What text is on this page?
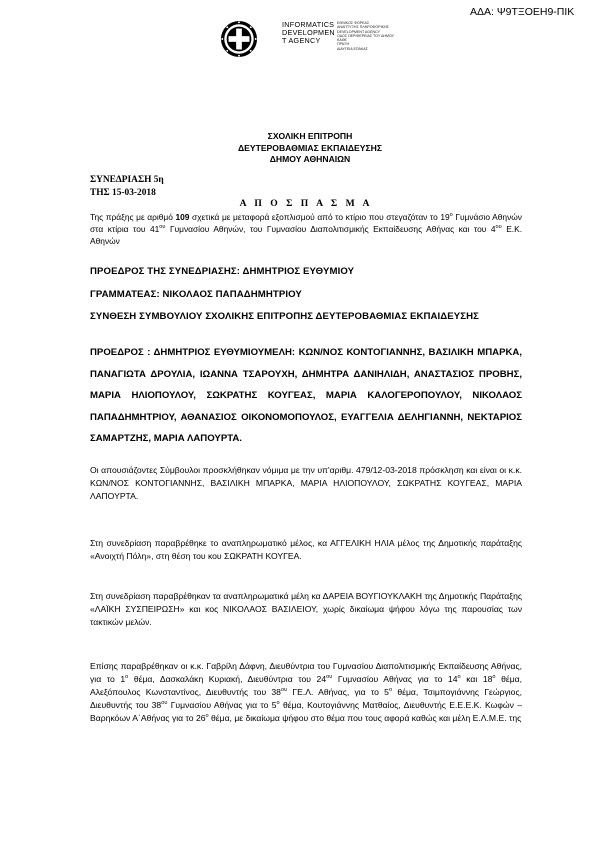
ΑΔΑ: Ψ9ΤΞΟΕΗ9-ΠΙΚ
INFORMATICS
DEVELOPMEN
T AGENCY
ΕΘΝΙΚΟΣ ΦΟΡΕΑΣ
ΑΝΑΠΤΥΞΗΣ ΠΛΗΡΟΦΟΡΙΚΗΣ
DEVELOPMENT AGENCY
ΟΔΟΣ ΠΕΡΙΦΕΡΕΙΑΣ ΤΟΥ ΔΗΜΟΥ
ΚΑΘΕ
ΠΡΑΞΗ
ΔΙΑΥΓΕΙΑ ΕΠΑΚΑΣ
ΣΧΟΛΙΚΗ ΕΠΙΤΡΟΠΗ
ΔΕΥΤΕΡΟΒΑΘΜΙΑΣ ΕΚΠΑΙΔΕΥΣΗΣ
ΔΗΜΟΥ ΑΘΗΝΑΙΩΝ
ΣΥΝΕΔΡΙΑΣΗ 5η
ΤΗΣ 15-03-2018
Α Π Ο Σ Π Α Σ Μ Α
Της πράξης με αριθμό 109 σχετικά με μεταφορά εξοπλισμού από το κτίριο που στεγαζόταν το $19^o$ Γυμνάσιο Αθηνών στα κτίρια του $41^{o\upsilon}$ Γυμνασίου Αθηνών, του Γυμνασίου Διαπολιτισμικής Εκπαίδευσης Αθήνας και του $4^{o\upsilon}$ Ε.Κ. Αθηνών
ΠΡΟΕΔΡΟΣ ΤΗΣ ΣΥΝΕΔΡΙΑΣΗΣ: ΔΗΜΗΤΡΙΟΣ ΕΥΘΥΜΙΟΥ
ΓΡΑΜΜΑΤΕΑΣ: ΝΙΚΟΛΑΟΣ ΠΑΠΑΔΗΜΗΤΡΙΟΥ
ΣΥΝΘΕΣΗ ΣΥΜΒΟΥΛΙΟΥ ΣΧΟΛΙΚΗΣ ΕΠΙΤΡΟΠΗΣ ΔΕΥΤΕΡΟΒΑΘΜΙΑΣ ΕΚΠΑΙΔΕΥΣΗΣ
ΠΡΟΕΔΡΟΣ : ΔΗΜΗΤΡΙΟΣ ΕΥΘΥΜΙΟΥΜΕΛΗ: ΚΩΝ/ΝΟΣ ΚΟΝΤΟΓΙΑΝΝΗΣ, ΒΑΣΙΛΙΚΗ ΜΠΑΡΚΑ, ΠΑΝΑΓΙΩΤΑ ΔΡΟΥΛΙΑ, ΙΩΑΝΝΑ ΤΣΑΡΟΥΧΗ, ΔΗΜΗΤΡΑ ΔΑΝΙΗΛΙΔΗ, ΑΝΑΣΤΑΣΙΟΣ ΠΡΟΒΗΣ, ΜΑΡΙΑ ΗΛΙΟΠΟΥΛΟΥ, ΣΩΚΡΑΤΗΣ ΚΟΥΓΕΑΣ, ΜΑΡΙΑ ΚΑΛΟΓΕΡΟΠΟΥΛΟΥ, ΝΙΚΟΛΑΟΣ ΠΑΠΑΔΗΜΗΤΡΙΟΥ, ΑΘΑΝΑΣΙΟΣ ΟΙΚΟΝΟΜΟΠΟΥΛΟΣ, ΕΥΑΓΓΕΛΙΑ ΔΕΛΗΓΙΑΝΝΗ, ΝΕΚΤΑΡΙΟΣ ΣΑΜΑΡΤΖΗΣ, ΜΑΡΙΑ ΛΑΠΟΥΡΤΑ.
Οι απουσιάζοντες Σύμβουλοι προσκλήθηκαν νόμιμα με την υπ'αριθμ. 479/12-03-2018 πρόσκληση και είναι οι κ.κ. ΚΩΝ/ΝΟΣ ΚΟΝΤΟΓΙΑΝΝΗΣ, ΒΑΣΙΛΙΚΗ ΜΠΑΡΚΑ, ΜΑΡΙΑ ΗΛΙΟΠΟΥΛΟΥ, ΣΩΚΡΑΤΗΣ ΚΟΥΓΕΑΣ, ΜΑΡΙΑ ΛΑΠΟΥΡΤΑ.
Στη συνεδρίαση παραβρέθηκε το αναπληρωματικό μέλος, κα ΑΓΓΕΛΙΚΗ ΗΛΙΑ μέλος της Δημοτικής παράταξης «Ανοιχτή Πόλη», στη θέση του κου ΣΩΚΡΑΤΗ ΚΟΥΓΕΑ.
Στη συνεδρίαση παραβρέθηκαν τα αναπληρωματικά μέλη κα ΔΑΡΕΙΑ ΒΟΥΓΙΟΥΚΛΑΚΗ της Δημοτικής Παράταξης «ΛΑΪΚΗ ΣΥΣΠΕΙΡΩΣΗ» και κος ΝΙΚΟΛΑΟΣ ΒΑΣΙΛΕΙΟΥ, χωρίς δικαίωμα ψήφου λόγω της παρουσίας των τακτικών μελών.
Επίσης παραβρέθηκαν οι κ.κ. Γαβρίλη Δάφνη, Διευθύντρια του Γυμνασίου Διαπολιτισμικής Εκπαίδευσης Αθήνας, για το $1^o$ θέμα, Δασκαλάκη Κυριακή, Διευθύντρια του $24^{o\upsilon}$ Γυμνασίου Αθήνας για το $14^o$ και $18^o$ θέμα, Αλεξόπουλος Κωνσταντίνος, Διευθυντής του $38^{o\upsilon}$ ΓΕ.Λ. Αθήνας, για το $5^o$ θέμα, Τσιμπογιάννης Γεώργιος, Διευθυντής του $38^{o\upsilon}$ Γυμνασίου Αθήνας για το $5^o$ θέμα, Κουτογιάννης Ματθαίος, Διευθυντής Ε.Ε.Ε.Κ. Κωφών –Βαρηκόων Α΄Αθήνας για το $26^o$ θέμα, με δικαίωμα ψήφου στο θέμα που τους αφορά καθώς και μέλη Ε.Λ.Μ.Ε. της
